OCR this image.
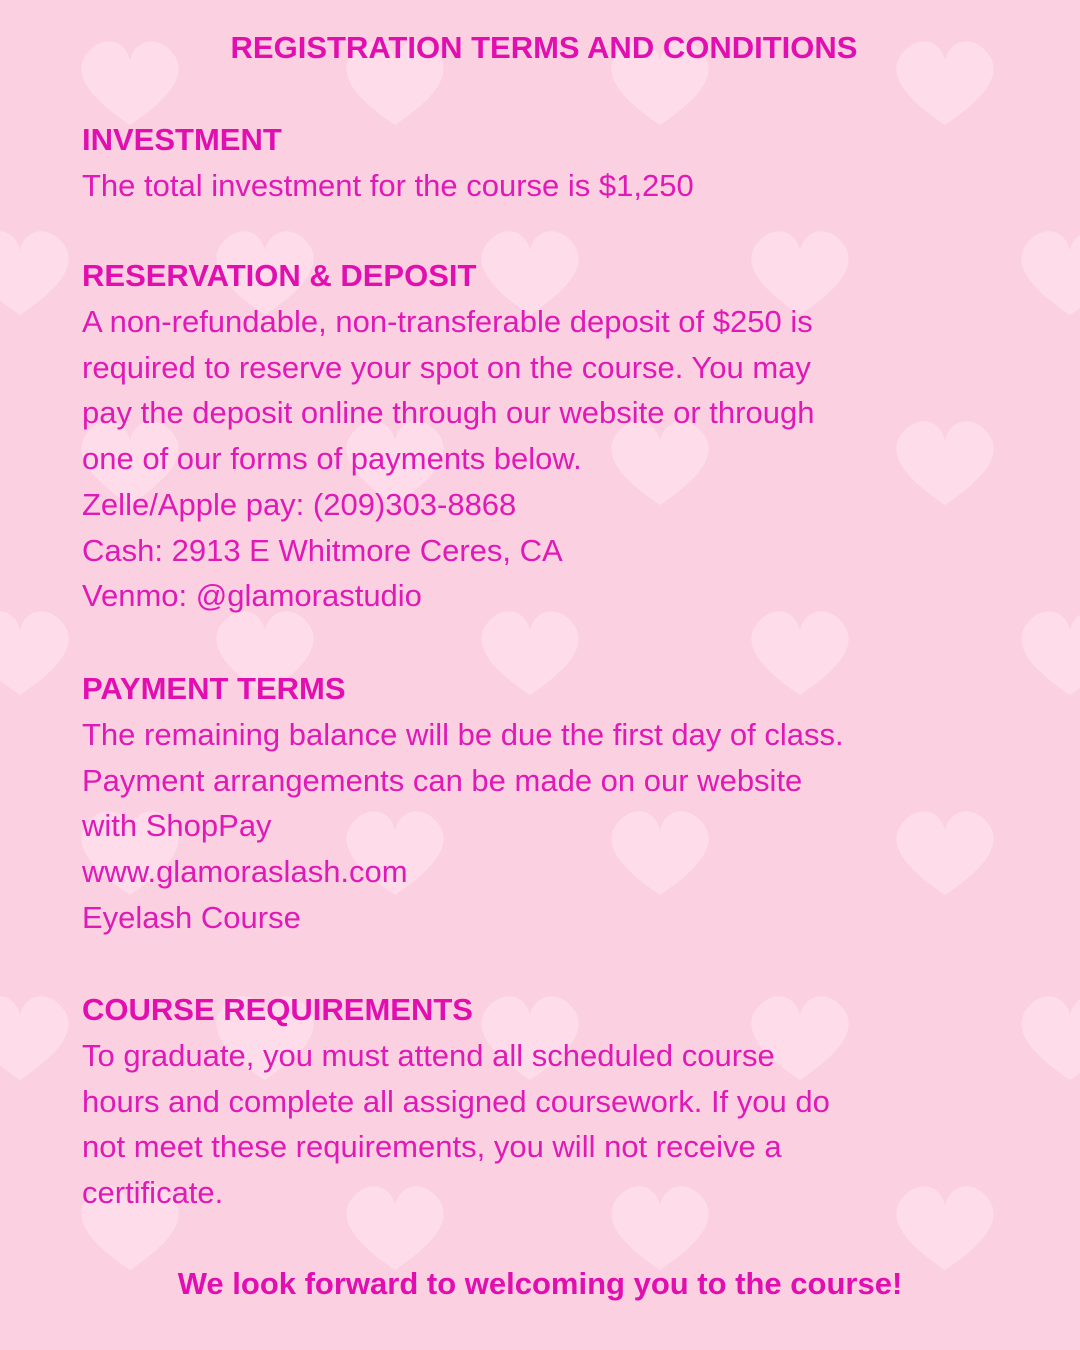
REGISTRATION TERMS AND CONDITIONS
INVESTMENT
The total investment for the course is $1,250
RESERVATION & DEPOSIT
A non-refundable, non-transferable deposit of $250 is
required to reserve your spot on the course. You may
pay the deposit online through our website or through
one of our forms of payments below.
Zelle/Apple pay: (209)303-8868
Cash: 2913 E Whitmore Ceres, CA
Venmo: @glamorastudio
PAYMENT TERMS
The remaining balance will be due the first day of class.
Payment arrangements can be made on our website
with ShopPay
www.glamoraslash.com
Eyelash Course
COURSE REQUIREMENTS
To graduate, you must attend all scheduled course
hours and complete all assigned coursework. If you do
not meet these requirements, you will not receive a
certificate.
We look forward to welcoming you to the course!
